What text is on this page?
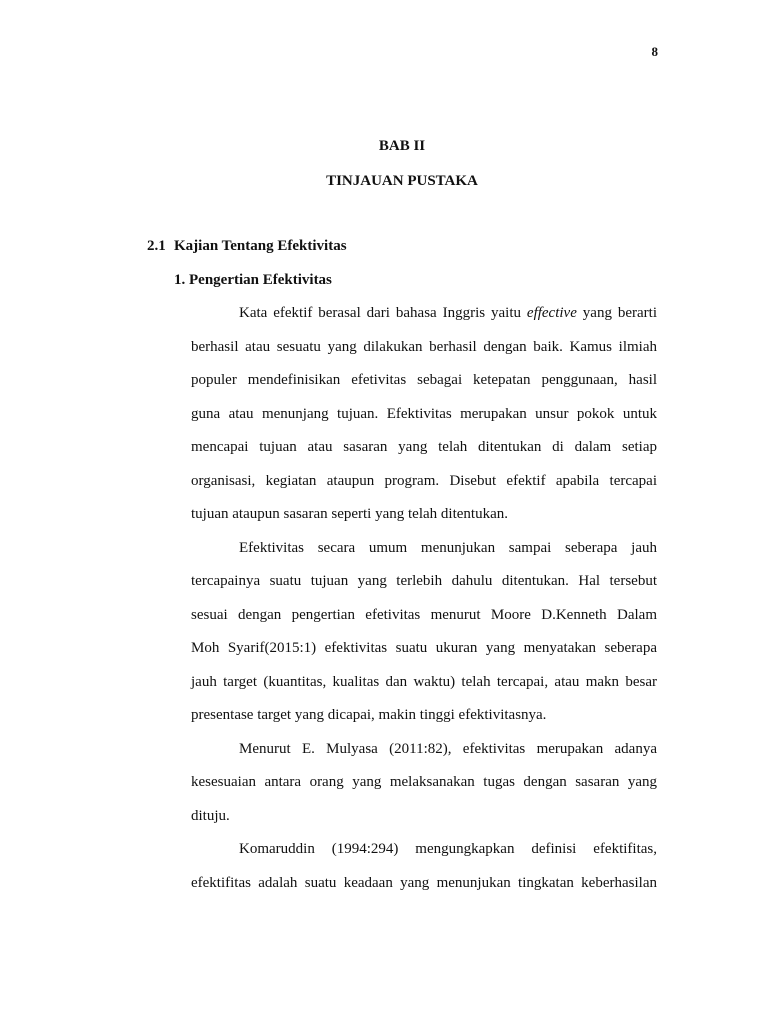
8
BAB II
TINJAUAN PUSTAKA
2.1 Kajian Tentang Efektivitas
1. Pengertian Efektivitas
Kata efektif berasal dari bahasa Inggris yaitu effective yang berarti
berhasil atau sesuatu yang dilakukan berhasil dengan baik. Kamus ilmiah
populer mendefinisikan efetivitas sebagai ketepatan penggunaan, hasil
guna atau menunjang tujuan. Efektivitas merupakan unsur pokok untuk
mencapai tujuan atau sasaran yang telah ditentukan di dalam setiap
organisasi, kegiatan ataupun program. Disebut efektif apabila tercapai
tujuan ataupun sasaran seperti yang telah ditentukan.
Efektivitas secara umum menunjukan sampai seberapa jauh
tercapainya suatu tujuan yang terlebih dahulu ditentukan. Hal tersebut
sesuai dengan pengertian efetivitas menurut Moore D.Kenneth Dalam
Moh Syarif(2015:1) efektivitas suatu ukuran yang menyatakan seberapa
jauh target (kuantitas, kualitas dan waktu) telah tercapai, atau makn besar
presentase target yang dicapai, makin tinggi efektivitasnya.
Menurut E. Mulyasa (2011:82), efektivitas merupakan adanya
kesesuaian antara orang yang melaksanakan tugas dengan sasaran yang
dituju.
Komaruddin (1994:294) mengungkapkan definisi efektifitas,
efektifitas adalah suatu keadaan yang menunjukan tingkatan keberhasilan
